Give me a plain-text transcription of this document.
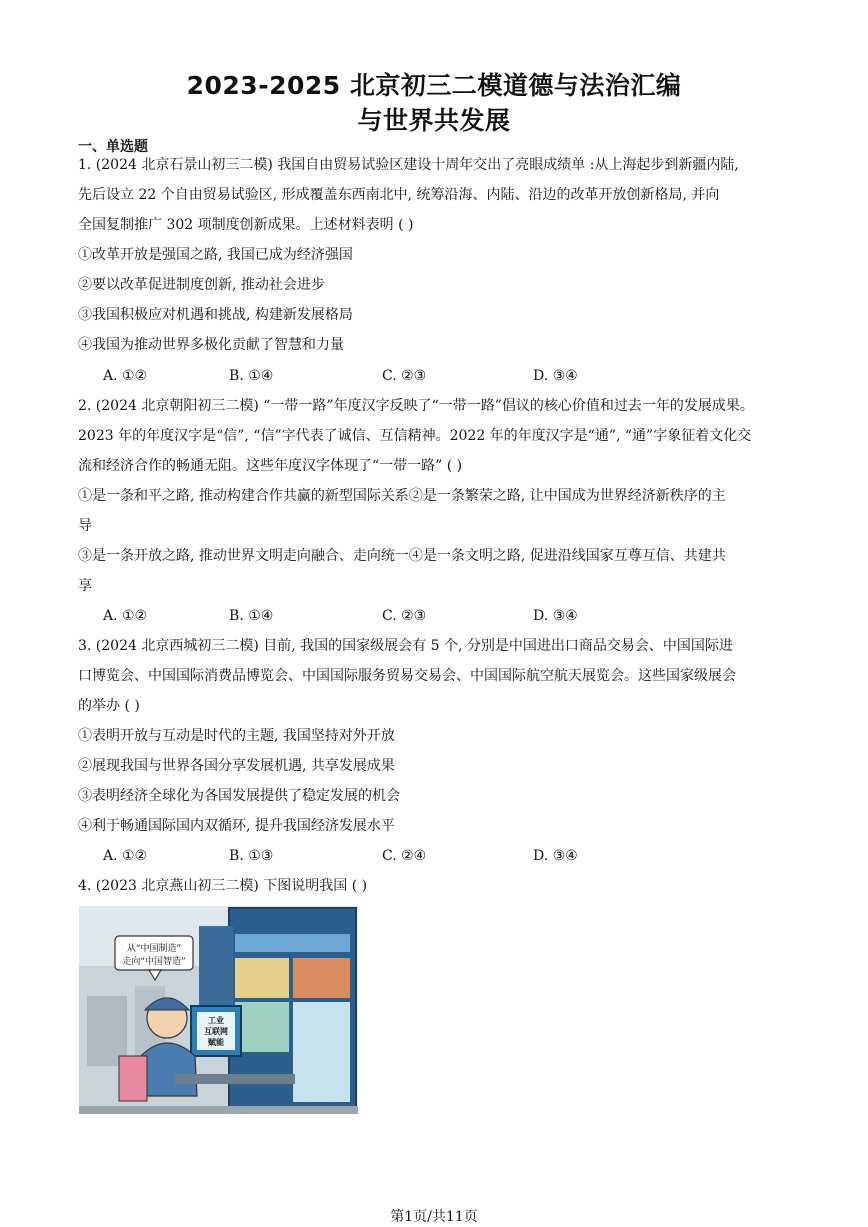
2023-2025 北京初三二模道德与法治汇编
与世界共发展
一、单选题
1. (2024 北京石景山初三二模) 我国自由贸易试验区建设十周年交出了亮眼成绩单 :从上海起步到新疆内陆,
先后设立 22 个自由贸易试验区, 形成覆盖东西南北中, 统筹沿海、内陆、沿边的改革开放创新格局, 并向
全国复制推广 302 项制度创新成果。上述材料表明 ( )
①改革开放是强国之路, 我国已成为经济强国
②要以改革促进制度创新, 推动社会进步
③我国积极应对机遇和挑战, 构建新发展格局
④我国为推动世界多极化贡献了智慧和力量
A. ①②	B. ①④	C. ②③	D. ③④
2. (2024 北京朝阳初三二模) “一带一路”年度汉字反映了“一带一路”倡议的核心价值和过去一年的发展成果。
2023 年的年度汉字是“信”, “信”字代表了诚信、互信精神。2022 年的年度汉字是“通”, “通”字象征着文化交
流和经济合作的畅通无阻。这些年度汉字体现了“一带一路” ( )
①是一条和平之路, 推动构建合作共赢的新型国际关系②是一条繁荣之路, 让中国成为世界经济新秩序的主
导
③是一条开放之路, 推动世界文明走向融合、走向统一④是一条文明之路, 促进沿线国家互尊互信、共建共
享
A. ①②	B. ①④	C. ②③	D. ③④
3. (2024 北京西城初三二模) 目前, 我国的国家级展会有 5 个, 分别是中国进出口商品交易会、中国国际进
口博览会、中国国际消费品博览会、中国国际服务贸易交易会、中国国际航空航天展览会。这些国家级展会
的举办 ( )
①表明开放与互动是时代的主题, 我国坚持对外开放
②展现我国与世界各国分享发展机遇, 共享发展成果
③表明经济全球化为各国发展提供了稳定发展的机会
④利于畅通国际国内双循环, 提升我国经济发展水平
A. ①②	B. ①③	C. ②④	D. ③④
4. (2023 北京燕山初三二模) 下图说明我国 ( )
从“中国制造”
走向“中国智造”
工业
互联网
赋能
第1页/共11页
